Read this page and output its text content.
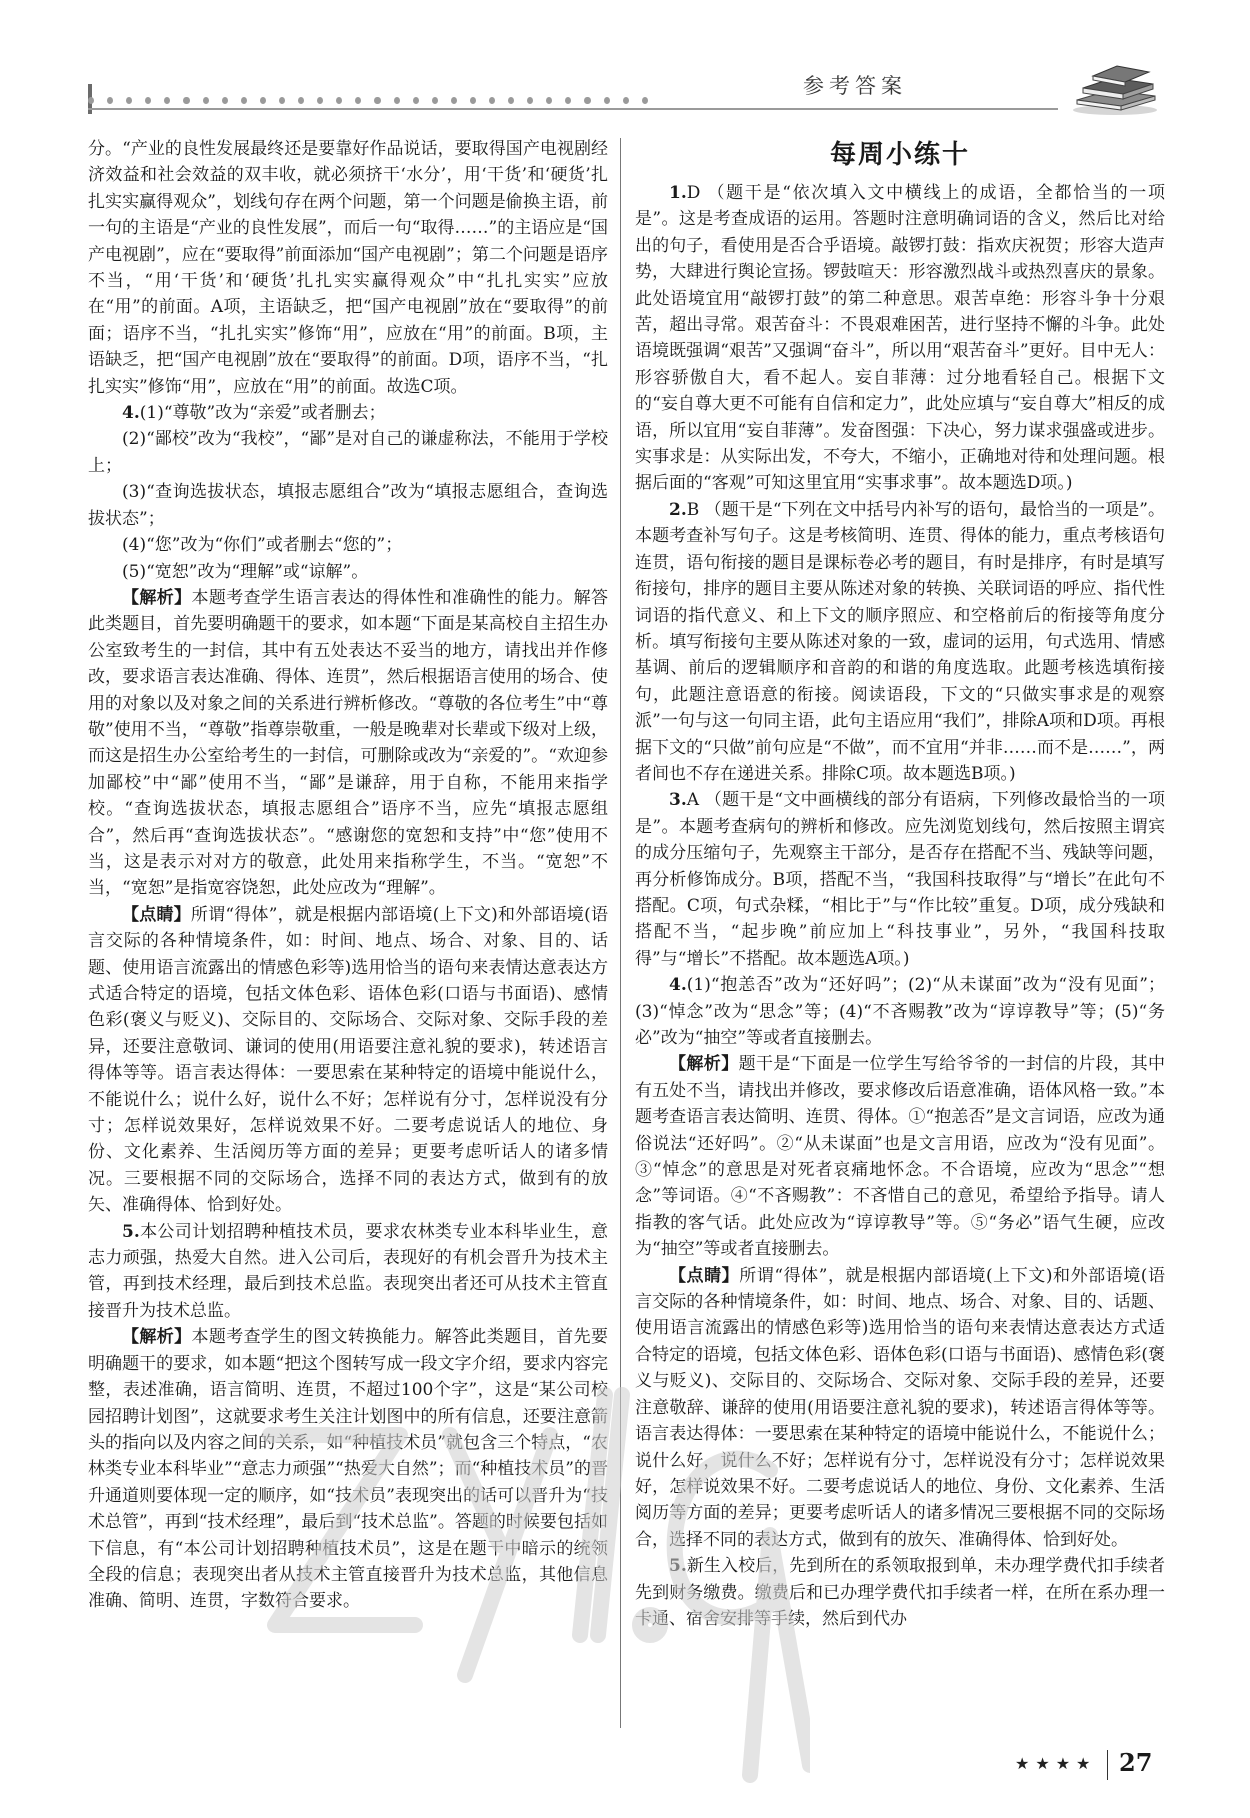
参考答案

分。“产业的良性发展最终还是要靠好作品说话，要取得国产电视剧经济效益和社会效益的双丰收，就必须挤干‘水分’，用‘干货’和‘硬货’扎扎实实赢得观众”，划线句存在两个问题，第一个问题是偷换主语，前一句的主语是“产业的良性发展”，而后一句“取得……”的主语应是“国产电视剧”，应在“要取得”前面添加“国产电视剧”；第二个问题是语序不当，“用‘干货’和‘硬货’扎扎实实赢得观众”中“扎扎实实”应放在“用”的前面。A项，主语缺乏，把“国产电视剧”放在“要取得”的前面；语序不当，“扎扎实实”修饰“用”，应放在“用”的前面。B项，主语缺乏，把“国产电视剧”放在“要取得”的前面。D项，语序不当，“扎扎实实”修饰“用”，应放在“用”的前面。故选C项。

4.(1)“尊敬”改为“亲爱”或者删去；

(2)“鄙校”改为“我校”，“鄙”是对自己的谦虚称法，不能用于学校上；

(3)“查询选拔状态，填报志愿组合”改为“填报志愿组合，查询选拔状态”；

(4)“您”改为“你们”或者删去“您的”；

(5)“宽恕”改为“理解”或“谅解”。

【解析】本题考查学生语言表达的得体性和准确性的能力。解答此类题目，首先要明确题干的要求，如本题“下面是某高校自主招生办公室致考生的一封信，其中有五处表达不妥当的地方，请找出并作修改，要求语言表达准确、得体、连贯”，然后根据语言使用的场合、使用的对象以及对象之间的关系进行辨析修改。“尊敬的各位考生”中“尊敬”使用不当，“尊敬”指尊崇敬重，一般是晚辈对长辈或下级对上级，而这是招生办公室给考生的一封信，可删除或改为“亲爱的”。“欢迎参加鄙校”中“鄙”使用不当，“鄙”是谦辞，用于自称，不能用来指学校。“查询选拔状态，填报志愿组合”语序不当，应先“填报志愿组合”，然后再“查询选拔状态”。“感谢您的宽恕和支持”中“您”使用不当，这是表示对对方的敬意，此处用来指称学生，不当。“宽恕”不当，“宽恕”是指宽容饶恕，此处应改为“理解”。

【点睛】所谓“得体”，就是根据内部语境(上下文)和外部语境(语言交际的各种情境条件，如：时间、地点、场合、对象、目的、话题、使用语言流露出的情感色彩等)选用恰当的语句来表情达意表达方式适合特定的语境，包括文体色彩、语体色彩(口语与书面语)、感情色彩(褒义与贬义)、交际目的、交际场合、交际对象、交际手段的差异，还要注意敬词、谦词的使用(用语要注意礼貌的要求)，转述语言得体等等。语言表达得体：一要思索在某种特定的语境中能说什么，不能说什么；说什么好，说什么不好；怎样说有分寸，怎样说没有分寸；怎样说效果好，怎样说效果不好。二要考虑说话人的地位、身份、文化素养、生活阅历等方面的差异；更要考虑听话人的诸多情况。三要根据不同的交际场合，选择不同的表达方式，做到有的放矢、准确得体、恰到好处。

5.本公司计划招聘种植技术员，要求农林类专业本科毕业生，意志力顽强，热爱大自然。进入公司后，表现好的有机会晋升为技术主管，再到技术经理，最后到技术总监。表现突出者还可从技术主管直接晋升为技术总监。

【解析】本题考查学生的图文转换能力。解答此类题目，首先要明确题干的要求，如本题“把这个图转写成一段文字介绍，要求内容完整，表述准确，语言简明、连贯，不超过100个字”，这是“某公司校园招聘计划图”，这就要求考生关注计划图中的所有信息，还要注意箭头的指向以及内容之间的关系，如“种植技术员”就包含三个特点，“农林类专业本科毕业”“意志力顽强”“热爱大自然”；而“种植技术员”的晋升通道则要体现一定的顺序，如“技术员”表现突出的话可以晋升为“技术总管”，再到“技术经理”，最后到“技术总监”。答题的时候要包括如下信息，有“本公司计划招聘种植技术员”，这是在题干中暗示的统领全段的信息；表现突出者从技术主管直接晋升为技术总监，其他信息准确、简明、连贯，字数符合要求。

每周小练十

1.D （题干是“依次填入文中横线上的成语，全都恰当的一项是”。这是考查成语的运用。答题时注意明确词语的含义，然后比对给出的句子，看使用是否合乎语境。敲锣打鼓：指欢庆祝贺；形容大造声势，大肆进行舆论宣扬。锣鼓喧天：形容激烈战斗或热烈喜庆的景象。此处语境宜用“敲锣打鼓”的第二种意思。艰苦卓绝：形容斗争十分艰苦，超出寻常。艰苦奋斗：不畏艰难困苦，进行坚持不懈的斗争。此处语境既强调“艰苦”又强调“奋斗”，所以用“艰苦奋斗”更好。目中无人：形容骄傲自大，看不起人。妄自菲薄：过分地看轻自己。根据下文的“妄自尊大更不可能有自信和定力”，此处应填与“妄自尊大”相反的成语，所以宜用“妄自菲薄”。发奋图强：下决心，努力谋求强盛或进步。实事求是：从实际出发，不夸大，不缩小，正确地对待和处理问题。根据后面的“客观”可知这里宜用“实事求事”。故本题选D项。)

2.B （题干是“下列在文中括号内补写的语句，最恰当的一项是”。本题考查补写句子。这是考核简明、连贯、得体的能力，重点考核语句连贯，语句衔接的题目是课标卷必考的题目，有时是排序，有时是填写衔接句，排序的题目主要从陈述对象的转换、关联词语的呼应、指代性词语的指代意义、和上下文的顺序照应、和空格前后的衔接等角度分析。填写衔接句主要从陈述对象的一致，虚词的运用，句式选用、情感基调、前后的逻辑顺序和音韵的和谐的角度选取。此题考核选填衔接句，此题注意语意的衔接。阅读语段，下文的“只做实事求是的观察派”一句与这一句同主语，此句主语应用“我们”，排除A项和D项。再根据下文的“只做”前句应是“不做”，而不宜用“并非……而不是……”，两者间也不存在递进关系。排除C项。故本题选B项。)

3.A （题干是“文中画横线的部分有语病，下列修改最恰当的一项是”。本题考查病句的辨析和修改。应先浏览划线句，然后按照主谓宾的成分压缩句子，先观察主干部分，是否存在搭配不当、残缺等问题，再分析修饰成分。B项，搭配不当，“我国科技取得”与“增长”在此句不搭配。C项，句式杂糅，“相比于”与“作比较”重复。D项，成分残缺和搭配不当，“起步晚”前应加上“科技事业”，另外，“我国科技取得”与“增长”不搭配。故本题选A项。)

4.(1)“抱恙否”改为“还好吗”；(2)“从未谋面”改为“没有见面”；(3)“悼念”改为“思念”等；(4)“不吝赐教”改为“谆谆教导”等；(5)“务必”改为“抽空”等或者直接删去。

【解析】题干是“下面是一位学生写给爷爷的一封信的片段，其中有五处不当，请找出并修改，要求修改后语意准确，语体风格一致。”本题考查语言表达简明、连贯、得体。①“抱恙否”是文言词语，应改为通俗说法“还好吗”。②“从未谋面”也是文言用语，应改为“没有见面”。③“悼念”的意思是对死者哀痛地怀念。不合语境，应改为“思念”“想念”等词语。④“不吝赐教”：不吝惜自己的意见，希望给予指导。请人指教的客气话。此处应改为“谆谆教导”等。⑤“务必”语气生硬，应改为“抽空”等或者直接删去。

【点睛】所谓“得体”，就是根据内部语境(上下文)和外部语境(语言交际的各种情境条件，如：时间、地点、场合、对象、目的、话题、使用语言流露出的情感色彩等)选用恰当的语句来表情达意表达方式适合特定的语境，包括文体色彩、语体色彩(口语与书面语)、感情色彩(褒义与贬义)、交际目的、交际场合、交际对象、交际手段的差异，还要注意敬辞、谦辞的使用(用语要注意礼貌的要求)，转述语言得体等等。语言表达得体：一要思索在某种特定的语境中能说什么，不能说什么；说什么好，说什么不好；怎样说有分寸，怎样说没有分寸；怎样说效果好，怎样说效果不好。二要考虑说话人的地位、身份、文化素养、生活阅历等方面的差异；更要考虑听话人的诸多情况三要根据不同的交际场合，选择不同的表达方式，做到有的放矢、准确得体、恰到好处。

5.新生入校后，先到所在的系领取报到单，未办理学费代扣手续者先到财务缴费。缴费后和已办理学费代扣手续者一样，在所在系办理一卡通、宿舍安排等手续，然后到代办

★★★★ 27
